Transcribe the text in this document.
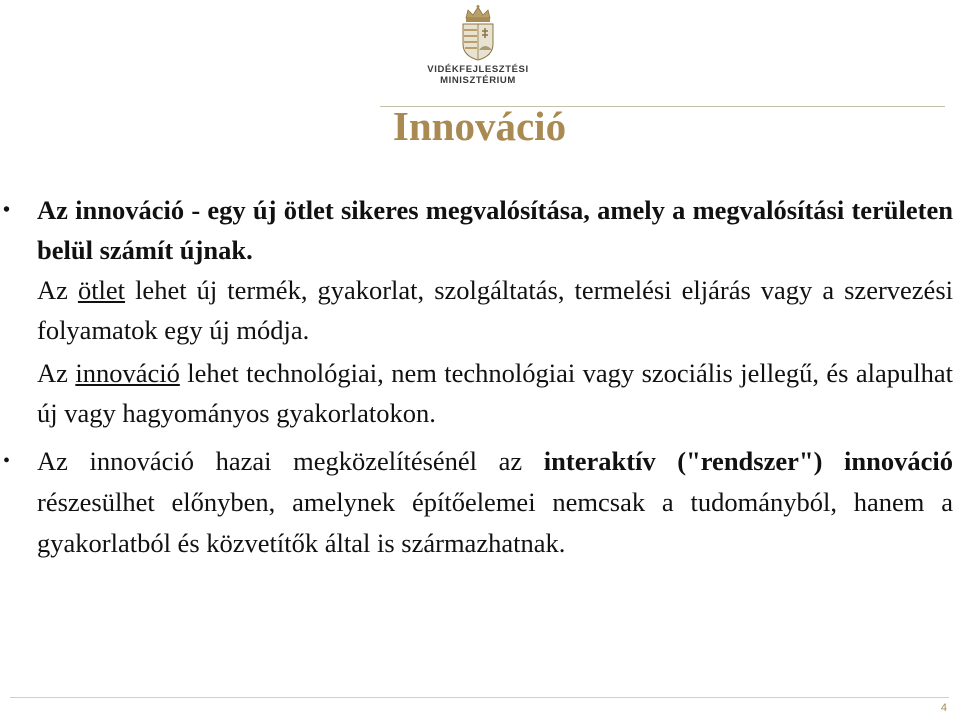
VIDÉKFEJLESZTÉSI
MINISZTÉRIUM
Innováció
• Az innováció - egy új ötlet sikeres megvalósítása, amely a megvalósítási területen belül számít újnak.
Az ötlet lehet új termék, gyakorlat, szolgáltatás, termelési eljárás vagy a szervezési folyamatok egy új módja.
Az innováció lehet technológiai, nem technológiai vagy szociális jellegű, és alapulhat új vagy hagyományos gyakorlatokon.
• Az innováció hazai megközelítésénél az interaktív ("rendszer") innováció részesülhet előnyben, amelynek építőelemei nemcsak a tudományból, hanem a gyakorlatból és közvetítők által is származhatnak.
4
